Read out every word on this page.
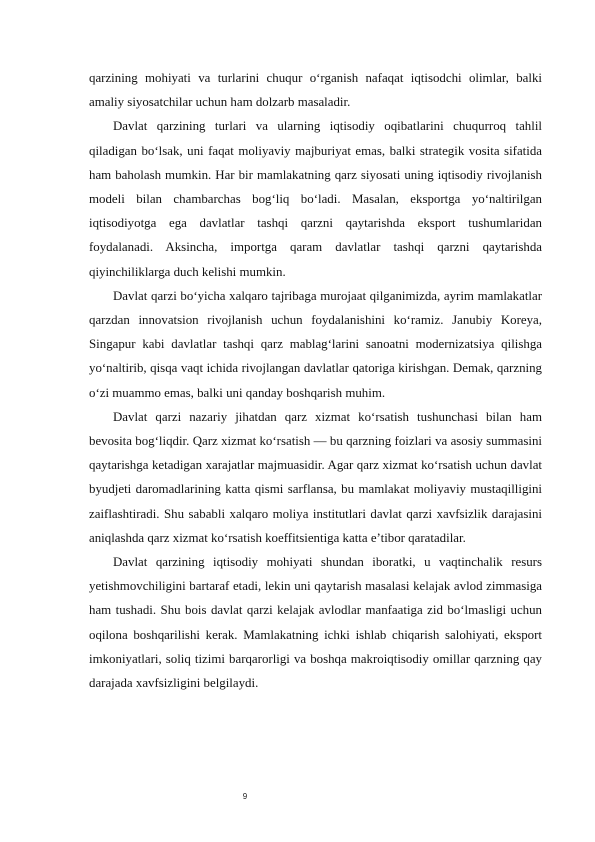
qarzining mohiyati va turlarini chuqur o‘rganish nafaqat iqtisodchi olimlar, balki amaliy siyosatchilar uchun ham dolzarb masaladir.

Davlat qarzining turlari va ularning iqtisodiy oqibatlarini chuqurroq tahlil qiladigan bo‘lsak, uni faqat moliyaviy majburiyat emas, balki strategik vosita sifatida ham baholash mumkin. Har bir mamlakatning qarz siyosati uning iqtisodiy rivojlanish modeli bilan chambarchas bog‘liq bo‘ladi. Masalan, eksportga yo‘naltirilgan iqtisodiyotga ega davlatlar tashqi qarzni qaytarishda eksport tushumlaridan foydalanadi. Aksincha, importga qaram davlatlar tashqi qarzni qaytarishda qiyinchiliklarga duch kelishi mumkin.

Davlat qarzi bo‘yicha xalqaro tajribaga murojaat qilganimizda, ayrim mamlakatlar qarzdan innovatsion rivojlanish uchun foydalanishini ko‘ramiz. Janubiy Koreya, Singapur kabi davlatlar tashqi qarz mablag‘larini sanoatni modernizatsiya qilishga yo‘naltirib, qisqa vaqt ichida rivojlangan davlatlar qatoriga kirishgan. Demak, qarzning o‘zi muammo emas, balki uni qanday boshqarish muhim.

Davlat qarzi nazariy jihatdan qarz xizmat ko‘rsatish tushunchasi bilan ham bevosita bog‘liqdir. Qarz xizmat ko‘rsatish — bu qarzning foizlari va asosiy summasini qaytarishga ketadigan xarajatlar majmuasidir. Agar qarz xizmat ko‘rsatish uchun davlat byudjeti daromadlarining katta qismi sarflansa, bu mamlakat moliyaviy mustaqilligini zaiflashtiradi. Shu sababli xalqaro moliya institutlari davlat qarzi xavfsizlik darajasini aniqlashda qarz xizmat ko‘rsatish koeffitsientiga katta e’tibor qaratadilar.

Davlat qarzining iqtisodiy mohiyati shundan iboratki, u vaqtinchalik resurs yetishmovchiligini bartaraf etadi, lekin uni qaytarish masalasi kelajak avlod zimmasiga ham tushadi. Shu bois davlat qarzi kelajak avlodlar manfaatiga zid bo‘lmasligi uchun oqilona boshqarilishi kerak. Mamlakatning ichki ishlab chiqarish salohiyati, eksport imkoniyatlari, soliq tizimi barqarorligi va boshqa makroiqtisodiy omillar qarzning qay darajada xavfsizligini belgilaydi.

9
